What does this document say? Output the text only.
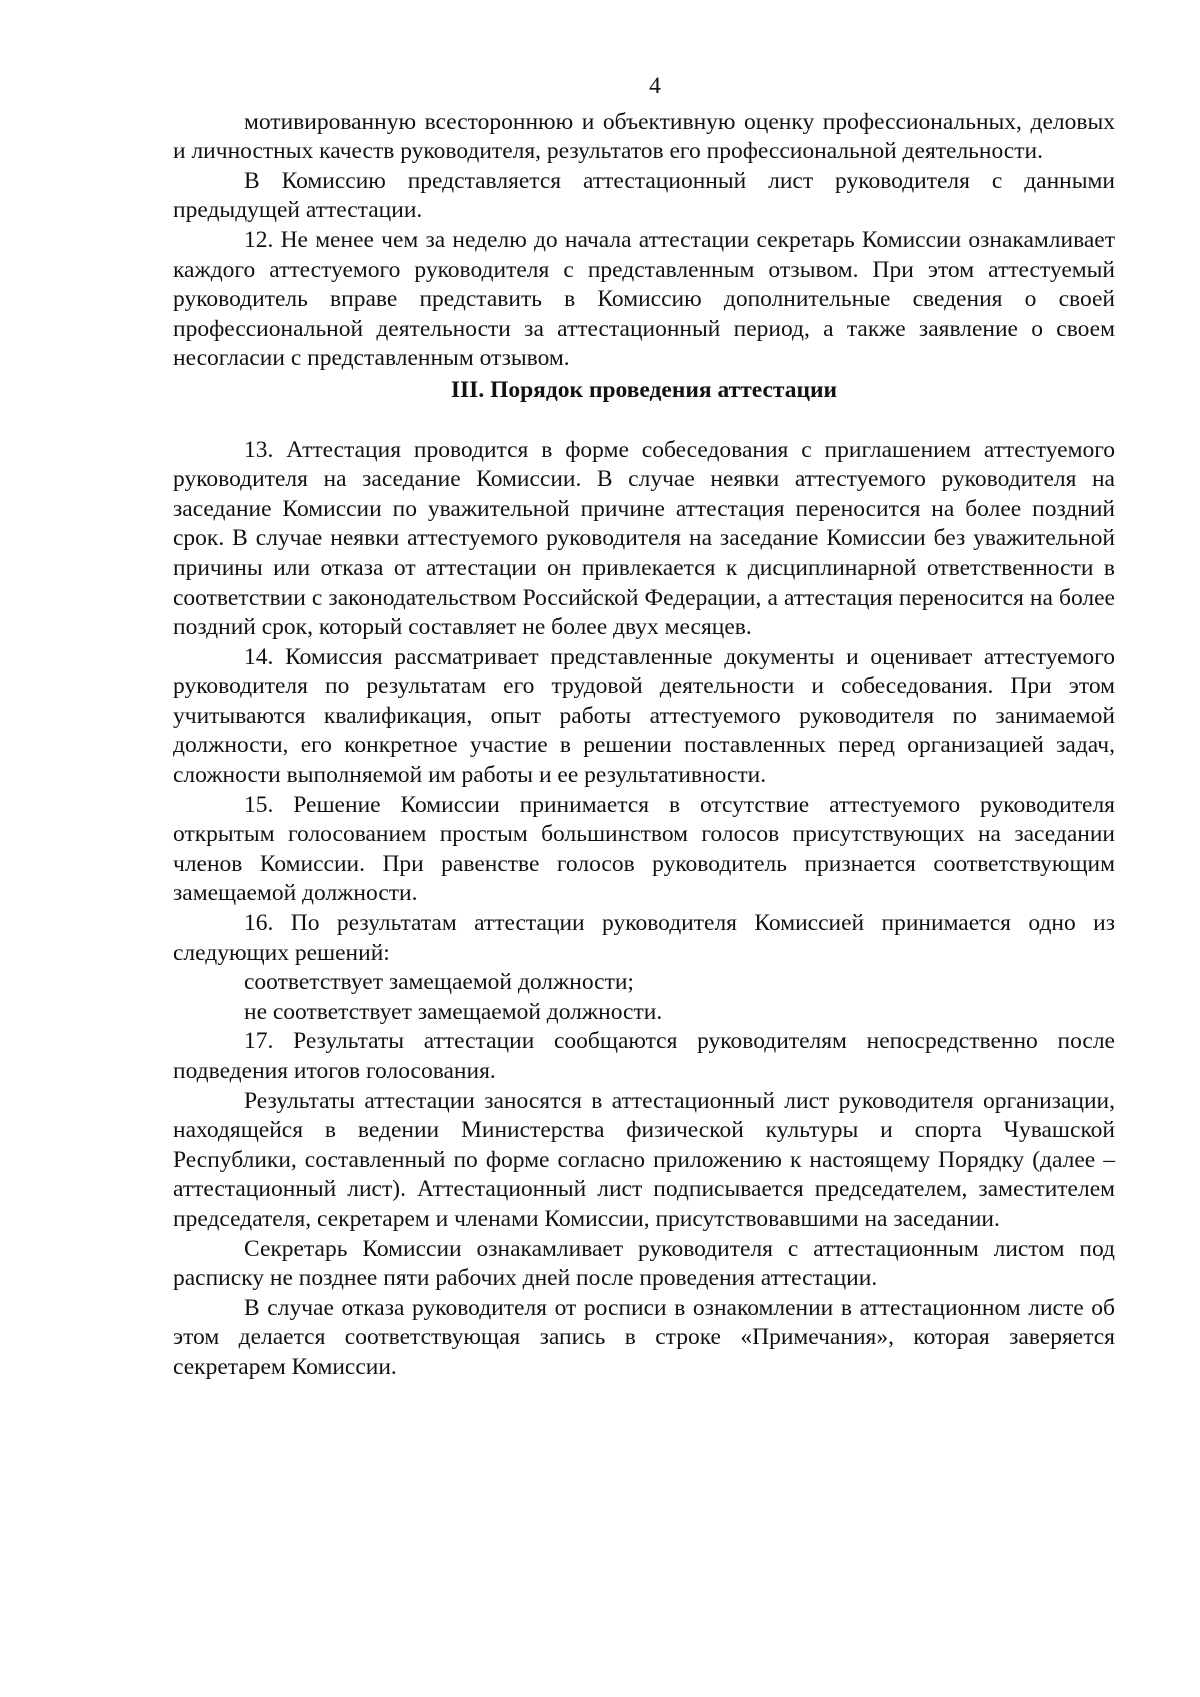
4

мотивированную всестороннюю и объективную оценку профессиональных, деловых и личностных качеств руководителя, результатов его профессиональной деятельности.

В Комиссию представляется аттестационный лист руководителя с данными предыдущей аттестации.

12. Не менее чем за неделю до начала аттестации секретарь Комиссии ознакамливает каждого аттестуемого руководителя с представленным отзывом. При этом аттестуемый руководитель вправе представить в Комиссию дополнительные сведения о своей профессиональной деятельности за аттестационный период, а также заявление о своем несогласии с представленным отзывом.

III. Порядок проведения аттестации

13. Аттестация проводится в форме собеседования с приглашением аттестуемого руководителя на заседание Комиссии. В случае неявки аттестуемого руководителя на заседание Комиссии по уважительной причине аттестация переносится на более поздний срок. В случае неявки аттестуемого руководителя на заседание Комиссии без уважительной причины или отказа от аттестации он привлекается к дисциплинарной ответственности в соответствии с законодательством Российской Федерации, а аттестация переносится на более поздний срок, который составляет не более двух месяцев.

14. Комиссия рассматривает представленные документы и оценивает аттестуемого руководителя по результатам его трудовой деятельности и собеседования. При этом учитываются квалификация, опыт работы аттестуемого руководителя по занимаемой должности, его конкретное участие в решении поставленных перед организацией задач, сложности выполняемой им работы и ее результативности.

15. Решение Комиссии принимается в отсутствие аттестуемого руководителя открытым голосованием простым большинством голосов присутствующих на заседании членов Комиссии. При равенстве голосов руководитель признается соответствующим замещаемой должности.

16. По результатам аттестации руководителя Комиссией принимается одно из следующих решений:

соответствует замещаемой должности;

не соответствует замещаемой должности.

17. Результаты аттестации сообщаются руководителям непосредственно после подведения итогов голосования.

Результаты аттестации заносятся в аттестационный лист руководителя организации, находящейся в ведении Министерства физической культуры и спорта Чувашской Республики, составленный по форме согласно приложению к настоящему Порядку (далее – аттестационный лист). Аттестационный лист подписывается председателем, заместителем председателя, секретарем и членами Комиссии, присутствовавшими на заседании.

Секретарь Комиссии ознакамливает руководителя с аттестационным листом под расписку не позднее пяти рабочих дней после проведения аттестации.

В случае отказа руководителя от росписи в ознакомлении в аттестационном листе об этом делается соответствующая запись в строке «Примечания», которая заверяется секретарем Комиссии.
